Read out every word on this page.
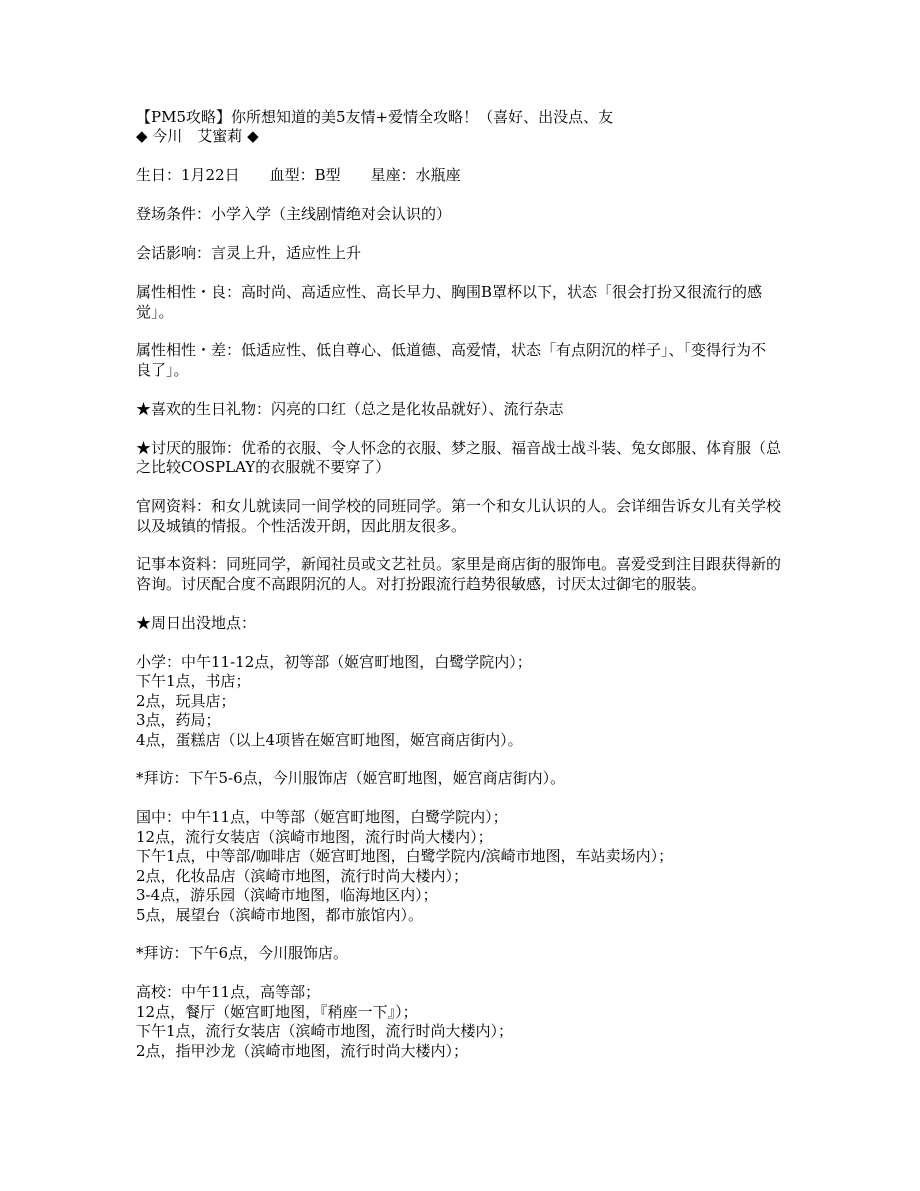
【PM5攻略】你所想知道的美5友情+爱情全攻略！（喜好、出没点、友
◆ 今川　艾蜜莉 ◆
生日：1月22日　　血型：B型　　星座：水瓶座
登场条件：小学入学（主线剧情绝对会认识的）
会话影响：言灵上升，适应性上升
属性相性・良：高时尚、高适应性、高长早力、胸围B罩杯以下，状态「很会打扮又很流行的感
觉」。
属性相性・差：低适应性、低自尊心、低道德、高爱情，状态「有点阴沉的样子」、「变得行为不
良了」。
★喜欢的生日礼物：闪亮的口红（总之是化妆品就好）、流行杂志
★讨厌的服饰：优希的衣服、令人怀念的衣服、梦之服、福音战士战斗装、兔女郎服、体育服（总
之比较COSPLAY的衣服就不要穿了）
官网资料：和女儿就读同一间学校的同班同学。第一个和女儿认识的人。会详细告诉女儿有关学校
以及城镇的情报。个性活泼开朗，因此朋友很多。
记事本资料：同班同学，新闻社员或文艺社员。家里是商店街的服饰电。喜爱受到注目跟获得新的
咨询。讨厌配合度不高跟阴沉的人。对打扮跟流行趋势很敏感，讨厌太过御宅的服装。
★周日出没地点：
小学：中午11-12点，初等部（姬宫町地图，白鹭学院内）；
下午1点，书店；
2点，玩具店；
3点，药局；
4点，蛋糕店（以上4项皆在姬宫町地图，姬宫商店街内）。
*拜访：下午5-6点，今川服饰店（姬宫町地图，姬宫商店街内）。
国中：中午11点，中等部（姬宫町地图，白鹭学院内）；
12点，流行女装店（滨崎市地图，流行时尚大楼内）；
下午1点，中等部/咖啡店（姬宫町地图，白鹭学院内/滨崎市地图，车站卖场内）；
2点，化妆品店（滨崎市地图，流行时尚大楼内）；
3-4点，游乐园（滨崎市地图，临海地区内）；
5点，展望台（滨崎市地图，都市旅馆内）。
*拜访：下午6点，今川服饰店。
高校：中午11点，高等部；
12点，餐厅（姬宫町地图，『稍座一下』）；
下午1点，流行女装店（滨崎市地图，流行时尚大楼内）；
2点，指甲沙龙（滨崎市地图，流行时尚大楼内）；
